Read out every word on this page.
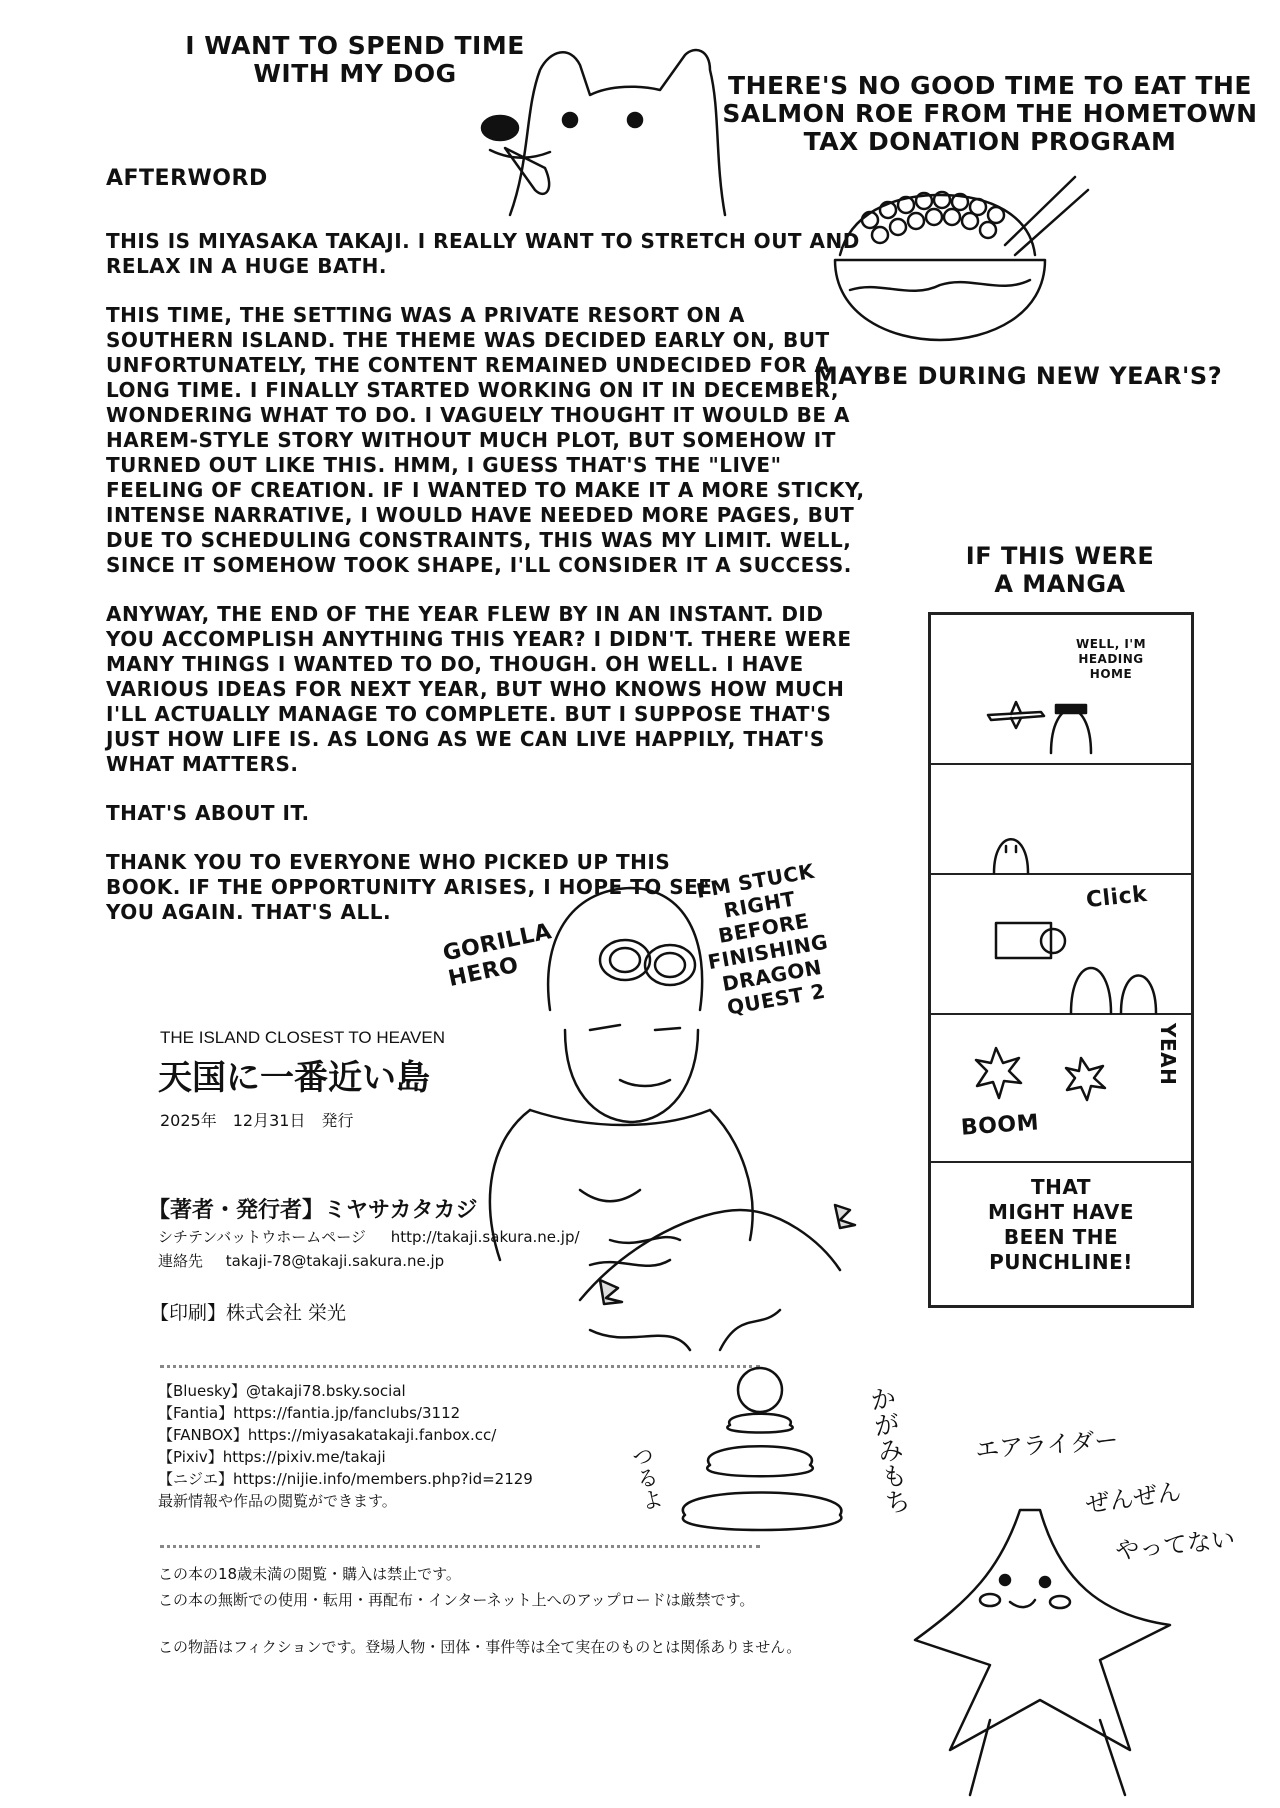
I WANT TO SPEND TIME
WITH MY DOG	THERE'S NO GOOD TIME TO EAT THE
SALMON ROE FROM THE HOMETOWN
TAX DONATION PROGRAM
MAYBE DURING NEW YEAR'S?
AFTERWORD

THIS IS MIYASAKA TAKAJI. I REALLY WANT TO STRETCH OUT AND RELAX IN A HUGE BATH.

THIS TIME, THE SETTING WAS A PRIVATE RESORT ON A SOUTHERN ISLAND. THE THEME WAS DECIDED EARLY ON, BUT UNFORTUNATELY, THE CONTENT REMAINED UNDECIDED FOR A LONG TIME. I FINALLY STARTED WORKING ON IT IN DECEMBER, WONDERING WHAT TO DO. I VAGUELY THOUGHT IT WOULD BE A HAREM-STYLE STORY WITHOUT MUCH PLOT, BUT SOMEHOW IT TURNED OUT LIKE THIS. HMM, I GUESS THAT'S THE "LIVE" FEELING OF CREATION. IF I WANTED TO MAKE IT A MORE STICKY, INTENSE NARRATIVE, I WOULD HAVE NEEDED MORE PAGES, BUT DUE TO SCHEDULING CONSTRAINTS, THIS WAS MY LIMIT. WELL, SINCE IT SOMEHOW TOOK SHAPE, I'LL CONSIDER IT A SUCCESS.

ANYWAY, THE END OF THE YEAR FLEW BY IN AN INSTANT. DID YOU ACCOMPLISH ANYTHING THIS YEAR? I DIDN'T. THERE WERE MANY THINGS I WANTED TO DO, THOUGH. OH WELL. I HAVE VARIOUS IDEAS FOR NEXT YEAR, BUT WHO KNOWS HOW MUCH I'LL ACTUALLY MANAGE TO COMPLETE. BUT I SUPPOSE THAT'S JUST HOW LIFE IS. AS LONG AS WE CAN LIVE HAPPILY, THAT'S WHAT MATTERS.

THAT'S ABOUT IT.

THANK YOU TO EVERYONE WHO PICKED UP THIS BOOK. IF THE OPPORTUNITY ARISES, I HOPE TO SEE YOU AGAIN. THAT'S ALL.

GORILLA
HERO
I'M STUCK
RIGHT
BEFORE
FINISHING
DRAGON
QUEST 2
THE ISLAND CLOSEST TO HEAVEN
天国に一番近い島
2025年　12月31日　発行
【著者・発行者】ミヤサカタカジ
シチテンバットウホームページ http://takaji.sakura.ne.jp/
連絡先 takaji-78@takaji.sakura.ne.jp
【印刷】株式会社 栄光
【Bluesky】@takaji78.bsky.social
【Fantia】https://fantia.jp/fanclubs/3112
【FANBOX】https://miyasakatakaji.fanbox.cc/
【Pixiv】https://pixiv.me/takaji
【ニジエ】https://nijie.info/members.php?id=2129
最新情報や作品の閲覧ができます。	かがみもち
つるよ
この本の18歳未満の閲覧・購入は禁止です。
この本の無断での使用・転用・再配布・インターネット上へのアップロードは厳禁です。
この物語はフィクションです。登場人物・団体・事件等は全て実在のものとは関係ありません。
エアライダー
ぜんぜん
やってない
IF THIS WERE
A MANGA
WELL, I'M
HEADING
HOME
Click
BOOM
YEAH
THAT
MIGHT HAVE
BEEN THE
PUNCHLINE!
